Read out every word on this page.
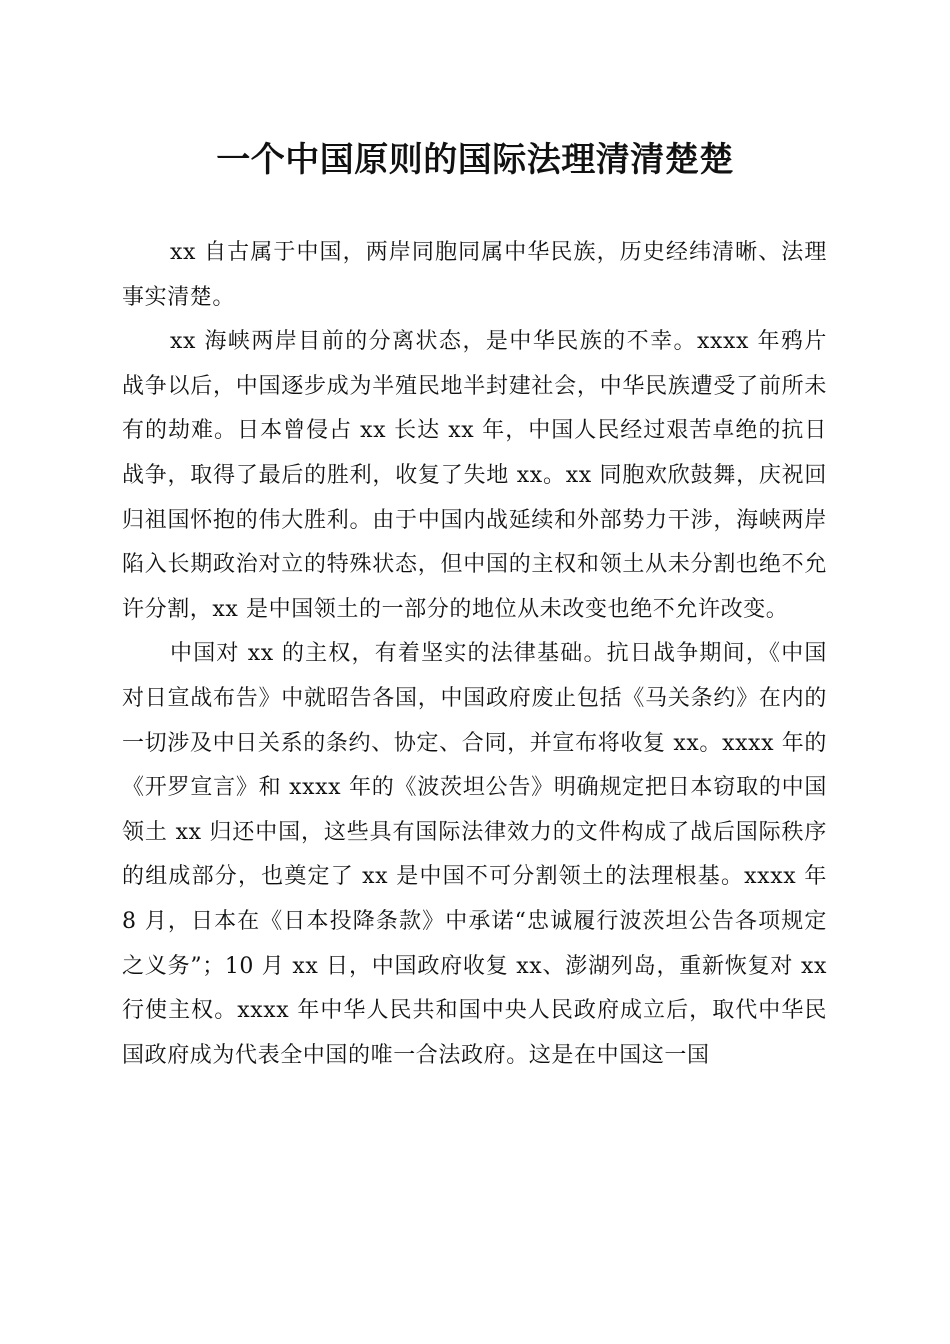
一个中国原则的国际法理清清楚楚

xx 自古属于中国，两岸同胞同属中华民族，历史经纬清晰、法理事实清楚。

xx 海峡两岸目前的分离状态，是中华民族的不幸。xxxx 年鸦片战争以后，中国逐步成为半殖民地半封建社会，中华民族遭受了前所未有的劫难。日本曾侵占 xx 长达 xx 年，中国人民经过艰苦卓绝的抗日战争，取得了最后的胜利，收复了失地 xx。xx 同胞欢欣鼓舞，庆祝回归祖国怀抱的伟大胜利。由于中国内战延续和外部势力干涉，海峡两岸陷入长期政治对立的特殊状态，但中国的主权和领土从未分割也绝不允许分割，xx 是中国领土的一部分的地位从未改变也绝不允许改变。

中国对 xx 的主权，有着坚实的法律基础。抗日战争期间，《中国对日宣战布告》中就昭告各国，中国政府废止包括《马关条约》在内的一切涉及中日关系的条约、协定、合同，并宣布将收复 xx。xxxx 年的《开罗宣言》和 xxxx 年的《波茨坦公告》明确规定把日本窃取的中国领土 xx 归还中国，这些具有国际法律效力的文件构成了战后国际秩序的组成部分，也奠定了 xx 是中国不可分割领土的法理根基。xxxx 年 8 月，日本在《日本投降条款》中承诺“忠诚履行波茨坦公告各项规定之义务”；10 月 xx 日，中国政府收复 xx、澎湖列岛，重新恢复对 xx 行使主权。xxxx 年中华人民共和国中央人民政府成立后，取代中华民国政府成为代表全中国的唯一合法政府。这是在中国这一国
